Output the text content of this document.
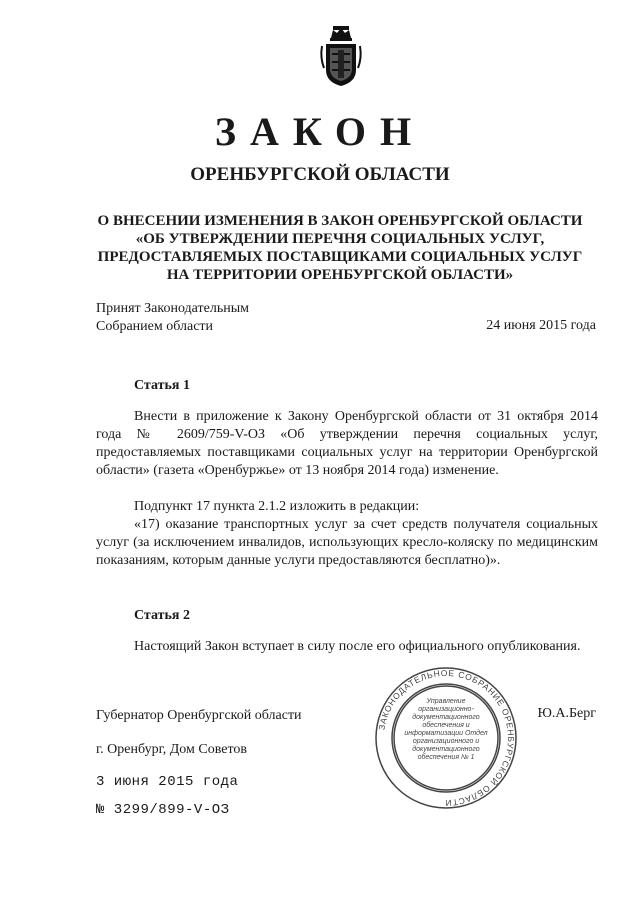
ЗАКОН
ОРЕНБУРГСКОЙ ОБЛАСТИ
О ВНЕСЕНИИ ИЗМЕНЕНИЯ В ЗАКОН ОРЕНБУРГСКОЙ ОБЛАСТИ
«ОБ УТВЕРЖДЕНИИ ПЕРЕЧНЯ СОЦИАЛЬНЫХ УСЛУГ,
ПРЕДОСТАВЛЯЕМЫХ ПОСТАВЩИКАМИ СОЦИАЛЬНЫХ УСЛУГ
НА ТЕРРИТОРИИ ОРЕНБУРГСКОЙ ОБЛАСТИ»
Принят Законодательным
Собранием области	24 июня 2015 года
Статья 1
Внести в приложение к Закону Оренбургской области от 31 октября 2014 года № 2609/759-V-ОЗ «Об утверждении перечня социальных услуг, предоставляемых поставщиками социальных услуг на территории Оренбургской области» (газета «Оренбуржье» от 13 ноября 2014 года) изменение.
Подпункт 17 пункта 2.1.2 изложить в редакции:
«17) оказание транспортных услуг за счет средств получателя социальных услуг (за исключением инвалидов, использующих кресло-коляску по медицинским показаниям, которым данные услуги предоставляются бесплатно)».
Статья 2
Настоящий Закон вступает в силу после его официального опубликования.
Губернатор Оренбургской области	Ю.А.Берг
г. Оренбург, Дом Советов
3 июня 2015 года
№ 3299/899-V-ОЗ
ЗАКОНОДАТЕЛЬНОЕ СОБРАНИЕ ОРЕНБУРГСКОЙ ОБЛАСТИ
Управление организационно-документационного обеспечения и информатизации Отдел организационного и документационного обеспечения № 1
